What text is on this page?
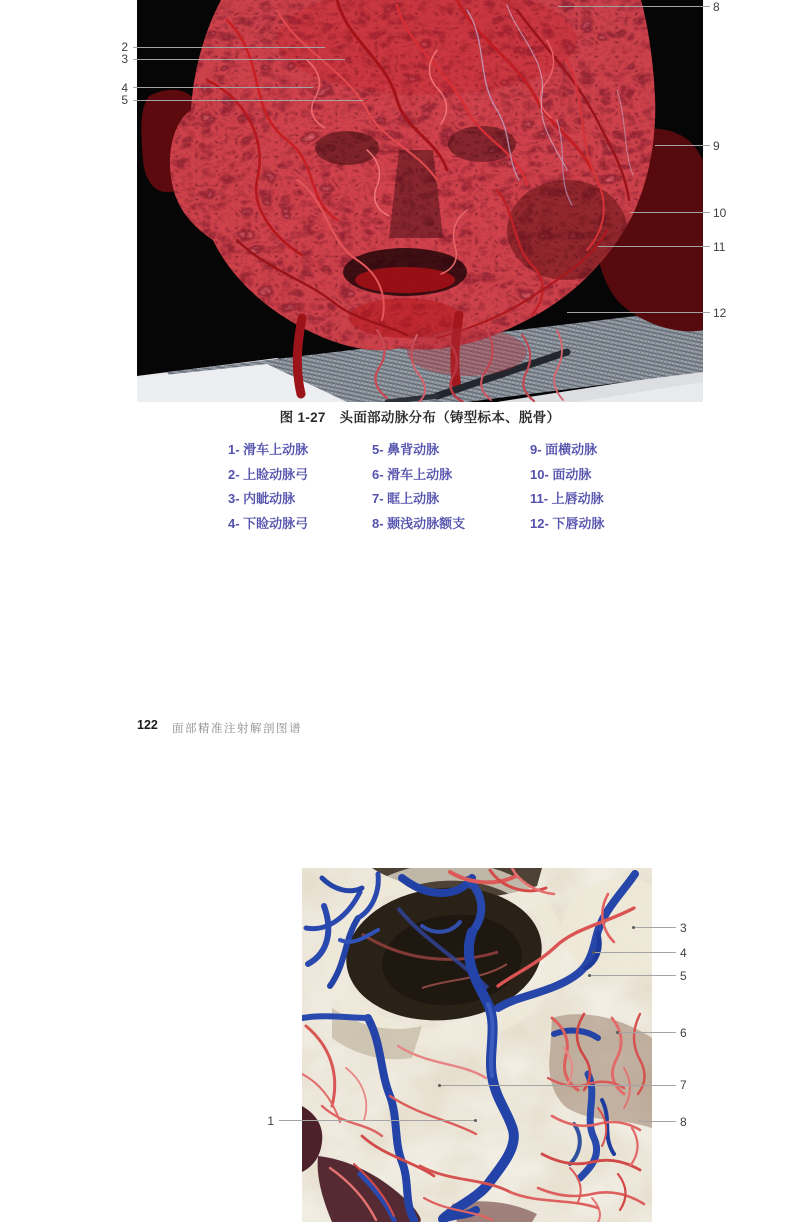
2
3
4
5
8
9
10
11
12
图 1-27　头面部动脉分布（铸型标本、脱骨）
1- 滑车上动脉
2- 上睑动脉弓
3- 内眦动脉
4- 下睑动脉弓
5- 鼻背动脉
6- 滑车上动脉
7- 眶上动脉
8- 颞浅动脉额支
9- 面横动脉
10- 面动脉
11- 上唇动脉
12- 下唇动脉
122 面部精准注射解剖图谱
1
3
4
5
6
7
8
